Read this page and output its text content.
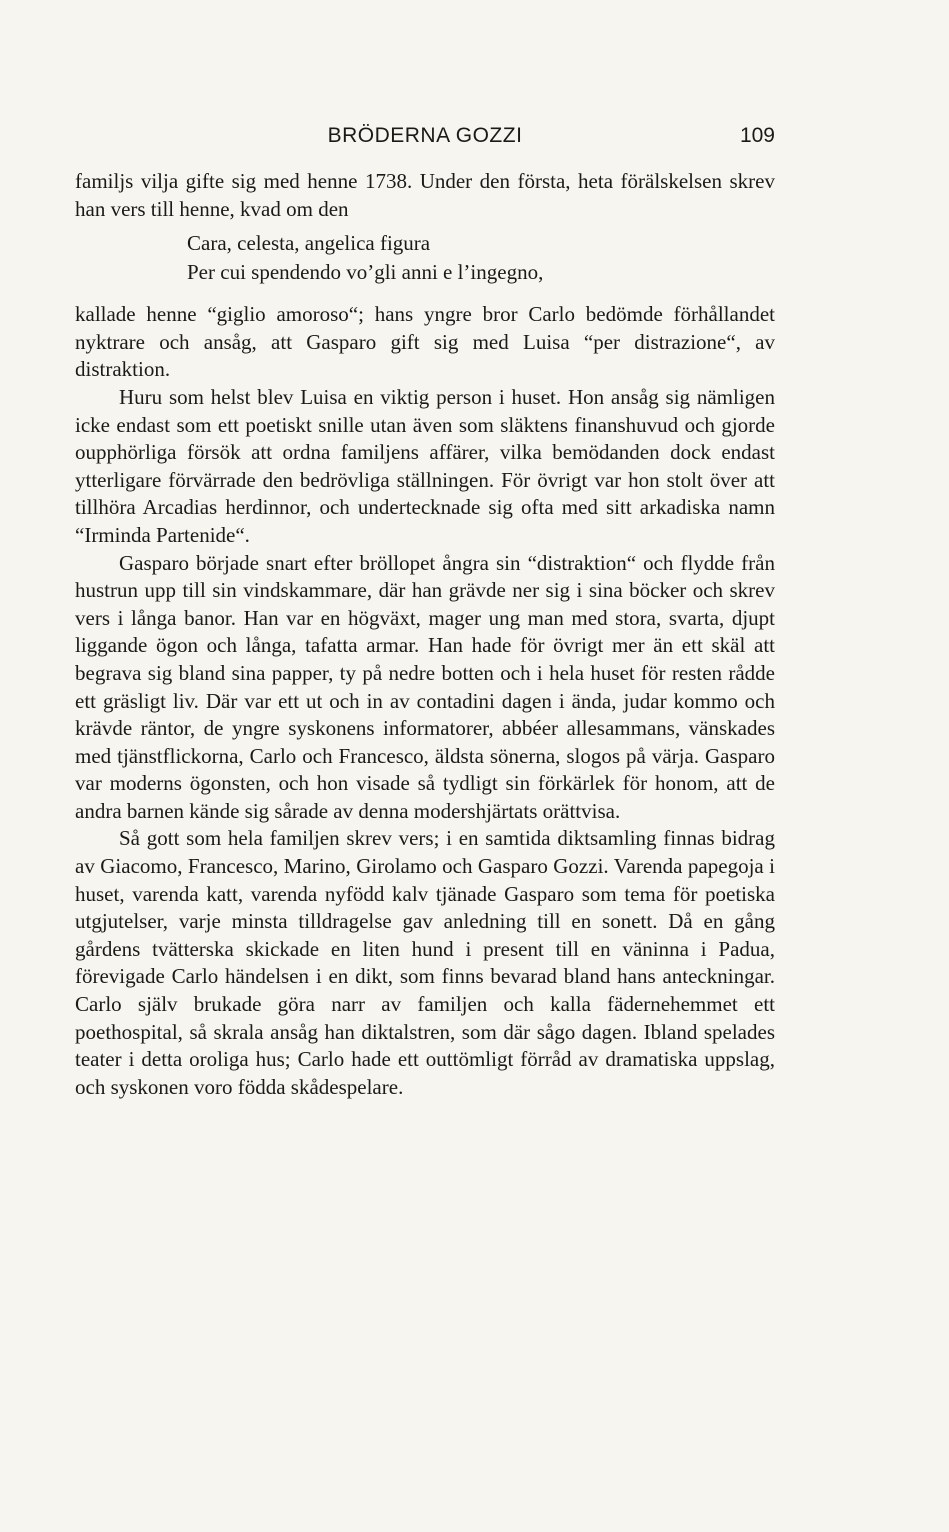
BRÖDERNA GOZZI	109

familjs vilja gifte sig med henne 1738. Under den första, heta förälskelsen skrev han vers till henne, kvad om den

Cara, celesta, angelica figura
Per cui spendendo vo’gli anni e l’ingegno,

kallade henne “giglio amoroso“; hans yngre bror Carlo bedömde förhållandet nyktrare och ansåg, att Gasparo gift sig med Luisa “per distrazione“, av distraktion.

Huru som helst blev Luisa en viktig person i huset. Hon ansåg sig nämligen icke endast som ett poetiskt snille utan även som släktens finanshuvud och gjorde oupphörliga försök att ordna familjens affärer, vilka bemödanden dock endast ytterligare förvärrade den bedrövliga ställningen. För övrigt var hon stolt över att tillhöra Arcadias herdinnor, och undertecknade sig ofta med sitt arkadiska namn “Irminda Partenide“.

Gasparo började snart efter bröllopet ångra sin “distraktion“ och flydde från hustrun upp till sin vindskammare, där han grävde ner sig i sina böcker och skrev vers i långa banor. Han var en högväxt, mager ung man med stora, svarta, djupt liggande ögon och långa, tafatta armar. Han hade för övrigt mer än ett skäl att begrava sig bland sina papper, ty på nedre botten och i hela huset för resten rådde ett gräsligt liv. Där var ett ut och in av contadini dagen i ända, judar kommo och krävde räntor, de yngre syskonens informatorer, abbéer allesammans, vänskades med tjänstflickorna, Carlo och Francesco, äldsta sönerna, slogos på värja. Gasparo var moderns ögonsten, och hon visade så tydligt sin förkärlek för honom, att de andra barnen kände sig sårade av denna modershjärtats orättvisa.

Så gott som hela familjen skrev vers; i en samtida diktsamling finnas bidrag av Giacomo, Francesco, Marino, Girolamo och Gasparo Gozzi. Varenda papegoja i huset, varenda katt, varenda nyfödd kalv tjänade Gasparo som tema för poetiska utgjutelser, varje minsta tilldragelse gav anledning till en sonett. Då en gång gårdens tvätterska skickade en liten hund i present till en väninna i Padua, förevigade Carlo händelsen i en dikt, som finns bevarad bland hans anteckningar. Carlo själv brukade göra narr av familjen och kalla fädernehemmet ett poethospital, så skrala ansåg han diktalstren, som där sågo dagen. Ibland spelades teater i detta oroliga hus; Carlo hade ett outtömligt förråd av dramatiska uppslag, och syskonen voro födda skådespelare.
